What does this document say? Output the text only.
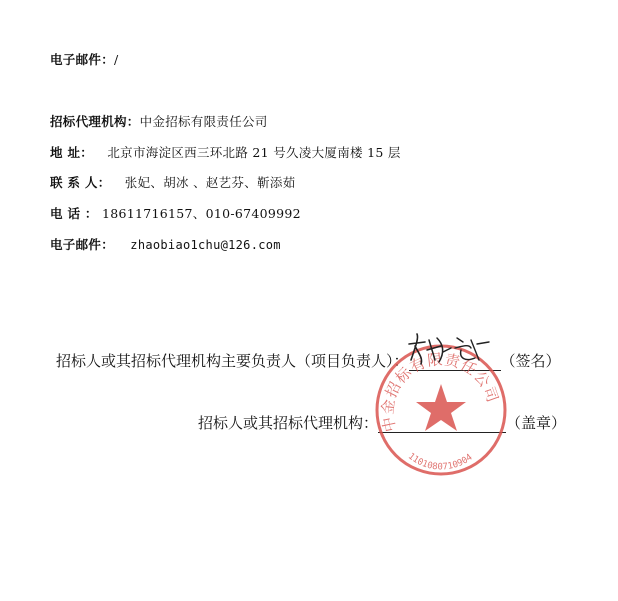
电子邮件：/
招标代理机构：中金招标有限责任公司
地 址： 北京市海淀区西三环北路 21 号久凌大厦南楼 15 层
联 系 人： 张妃、胡冰 、赵艺芬、靳添茹
电 话 ： 18611716157、010-67409992
电子邮件： zhaobiao1chu@126.com
招标人或其招标代理机构主要负责人（项目负责人）：	（签名）
招标人或其招标代理机构：	（盖章）
中金招标有限责任公司
1101080710904
